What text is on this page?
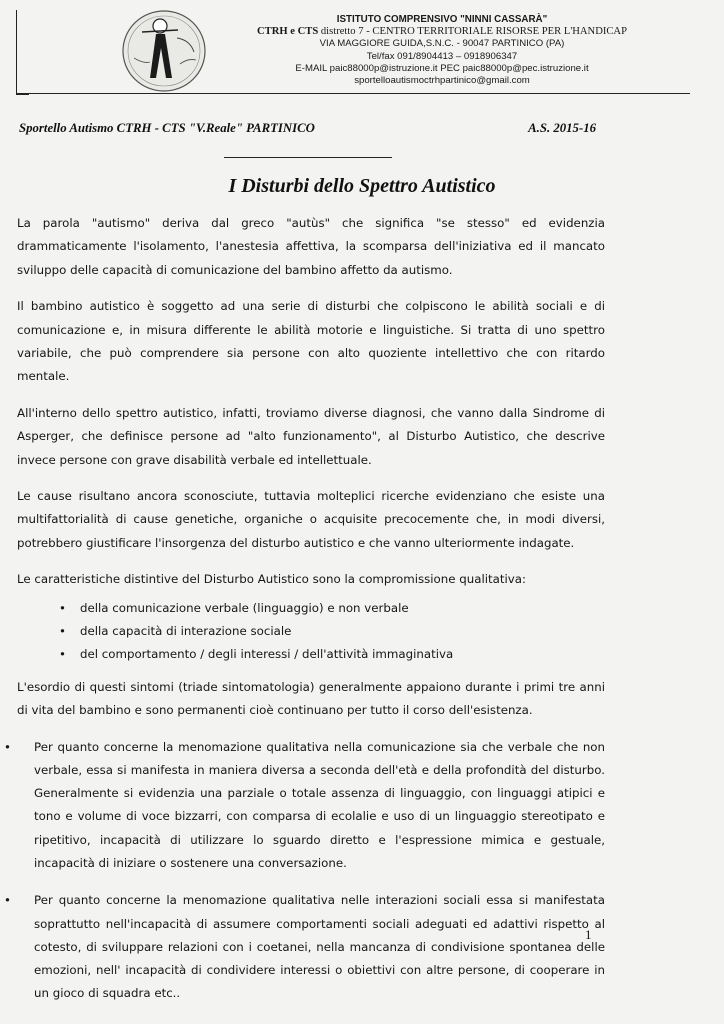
ISTITUTO COMPRENSIVO "NINNI CASSARÀ"
CTRH e CTS distretto 7 - CENTRO TERRITORIALE RISORSE PER L'HANDICAP
VIA MAGGIORE GUIDA,S.N.C. - 90047 PARTINICO (PA)
Tel/fax 091/8904413 – 0918906347
E-MAIL paic88000p@istruzione.it PEC paic88000p@pec.istruzione.it
sportelloautismoctrhpartinico@gmail.com
Sportello Autismo CTRH - CTS "V.Reale" PARTINICO	A.S. 2015-16
I Disturbi dello Spettro Autistico

La parola "autismo" deriva dal greco "autùs" che significa "se stesso" ed evidenzia drammaticamente l'isolamento, l'anestesia affettiva, la scomparsa dell'iniziativa ed il mancato sviluppo delle capacità di comunicazione del bambino affetto da autismo.

Il bambino autistico è soggetto ad una serie di disturbi che colpiscono le abilità sociali e di comunicazione e, in misura differente le abilità motorie e linguistiche. Si tratta di uno spettro variabile, che può comprendere sia persone con alto quoziente intellettivo che con ritardo mentale.

All'interno dello spettro autistico, infatti, troviamo diverse diagnosi, che vanno dalla Sindrome di Asperger, che definisce persone ad "alto funzionamento", al Disturbo Autistico, che descrive invece persone con grave disabilità verbale ed intellettuale.

Le cause risultano ancora sconosciute, tuttavia molteplici ricerche evidenziano che esiste una multifattorialità di cause genetiche, organiche o acquisite precocemente che, in modi diversi, potrebbero giustificare l'insorgenza del disturbo autistico e che vanno ulteriormente indagate.

Le caratteristiche distintive del Disturbo Autistico sono la compromissione qualitativa:

• della comunicazione verbale (linguaggio) e non verbale
• della capacità di interazione sociale
• del comportamento / degli interessi / dell'attività immaginativa

L'esordio di questi sintomi (triade sintomatologia) generalmente appaiono durante i primi tre anni di vita del bambino e sono permanenti cioè continuano per tutto il corso dell'esistenza.

• Per quanto concerne la menomazione qualitativa nella comunicazione sia che verbale che non verbale, essa si manifesta in maniera diversa a seconda dell'età e della profondità del disturbo. Generalmente si evidenzia una parziale o totale assenza di linguaggio, con linguaggi atipici e tono e volume di voce bizzarri, con comparsa di ecolalie e uso di un linguaggio stereotipato e ripetitivo, incapacità di utilizzare lo sguardo diretto e l'espressione mimica e gestuale, incapacità di iniziare o sostenere una conversazione.
• Per quanto concerne la menomazione qualitativa nelle interazioni sociali essa si manifestata soprattutto nell'incapacità di assumere comportamenti sociali adeguati ed adattivi rispetto al cotesto, di sviluppare relazioni con i coetanei, nella mancanza di condivisione spontanea delle emozioni, nell' incapacità di condividere interessi o obiettivi con altre persone, di cooperare in un gioco di squadra etc..
1
